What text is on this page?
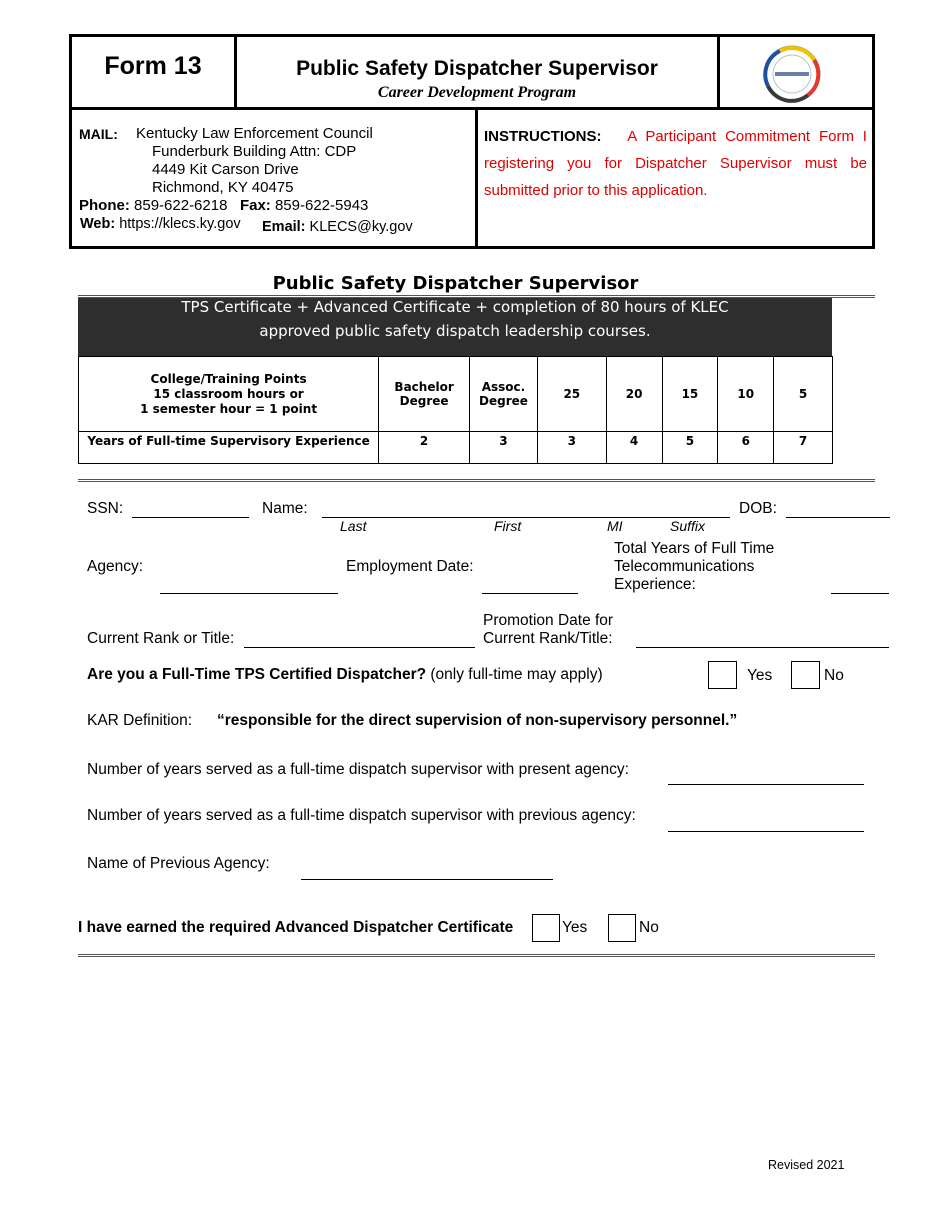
Form 13	Public Safety Dispatcher Supervisor
Career Development Program
MAIL: Kentucky Law Enforcement Council
Funderburk Building Attn: CDP
4449 Kit Carson Drive
Richmond, KY 40475
Phone: 859-622-6218 Fax: 859-622-5943
Web: https://klecs.ky.gov Email: KLECS@ky.gov
INSTRUCTIONS: A Participant Commitment Form I registering you for Dispatcher Supervisor must be submitted prior to this application.
Public Safety Dispatcher Supervisor
TPS Certificate + Advanced Certificate + completion of 80 hours of KLEC
approved public safety dispatch leadership courses.
College/Training Points
15 classroom hours or
1 semester hour = 1 point	Bachelor Degree	Assoc. Degree	25	20	15	10	5
Years of Full-time Supervisory Experience	2	3	3	4	5	6	7
SSN:	Name:	DOB:
Last	First	MI	Suffix
Agency:	Employment Date:
Total Years of Full Time Telecommunications Experience:
Current Rank or Title:
Promotion Date for
Current Rank/Title:
Are you a Full-Time TPS Certified Dispatcher? (only full-time may apply)	Yes	No
KAR Definition: “responsible for the direct supervision of non-supervisory personnel.”
Number of years served as a full-time dispatch supervisor with present agency:
Number of years served as a full-time dispatch supervisor with previous agency:
Name of Previous Agency:
I have earned the required Advanced Dispatcher Certificate	Yes	No
Revised 2021
